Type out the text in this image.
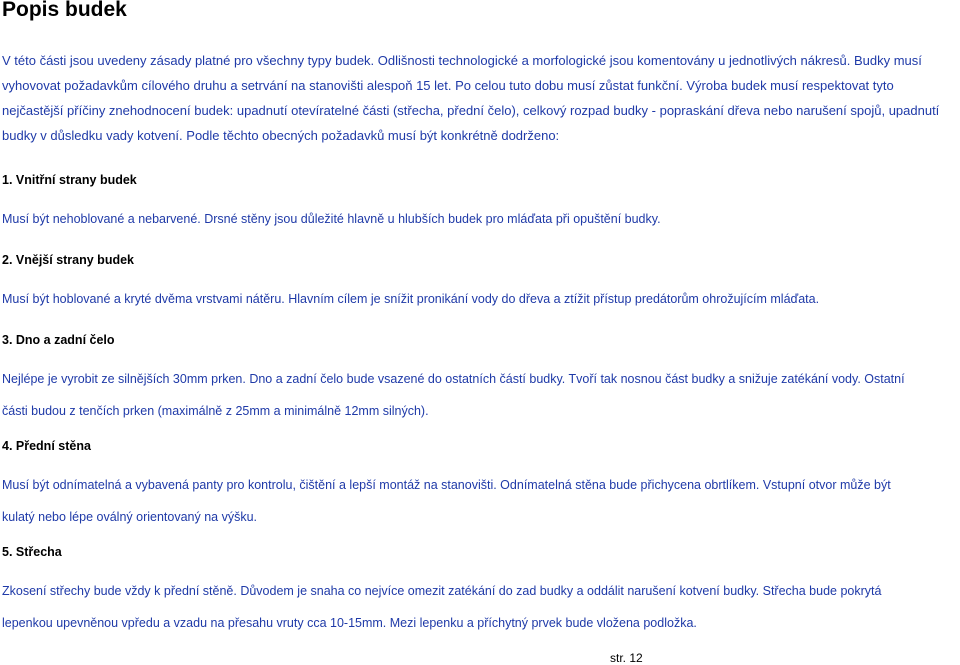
Popis budek
V této části jsou uvedeny zásady platné pro všechny typy budek. Odlišnosti technologické a morfologické jsou komentovány u jednotlivých nákresů. Budky musí
vyhovovat požadavkům cílového druhu a setrvání na stanovišti alespoň 15 let. Po celou tuto dobu musí zůstat funkční. Výroba budek musí respektovat tyto
nejčastější příčiny znehodnocení budek: upadnutí otevíratelné části (střecha, přední čelo), celkový rozpad budky - popraskání dřeva nebo narušení spojů, upadnutí
budky v důsledku vady kotvení. Podle těchto obecných požadavků musí být konkrétně dodrženo:
1. Vnitřní strany budek
Musí být nehoblované a nebarvené. Drsné stěny jsou důležité hlavně u hlubších budek pro mláďata při opuštění budky.
2. Vnější strany budek
Musí být hoblované a kryté dvěma vrstvami nátěru. Hlavním cílem je snížit pronikání vody do dřeva a ztížit přístup predátorům ohrožujícím mláďata.
3. Dno a zadní čelo
Nejlépe je vyrobit ze silnějších 30mm prken. Dno a zadní čelo bude vsazené do ostatních částí budky. Tvoří tak nosnou část budky a snižuje zatékání vody. Ostatní
části budou z tenčích prken (maximálně z 25mm a minimálně 12mm silných).
4. Přední stěna
Musí být odnímatelná a vybavená panty pro kontrolu, čištění a lepší montáž na stanovišti. Odnímatelná stěna bude přichycena obrtlíkem. Vstupní otvor může být
kulatý nebo lépe oválný orientovaný na výšku.
5. Střecha
Zkosení střechy bude vždy k přední stěně. Důvodem je snaha co nejvíce omezit zatékání do zad budky a oddálit narušení kotvení budky. Střecha bude pokrytá
lepenkou upevněnou vpředu a vzadu na přesahu vruty cca 10-15mm. Mezi lepenku a příchytný prvek bude vložena podložka.
str. 12
